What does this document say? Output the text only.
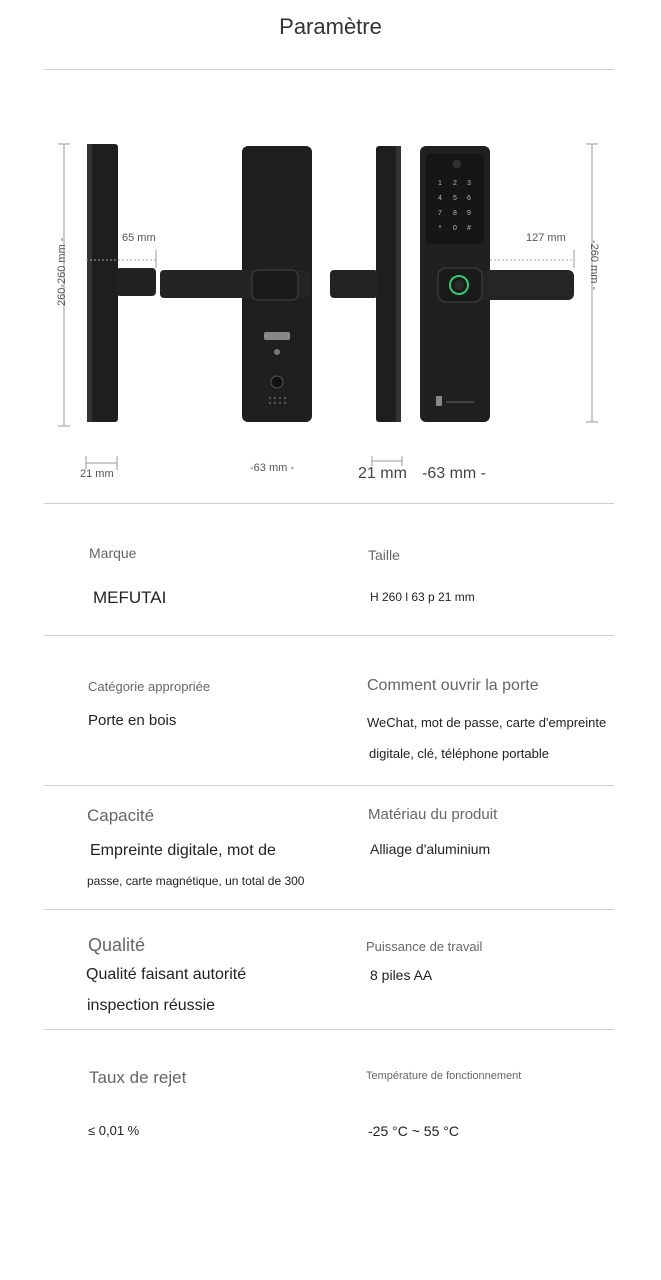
Paramètre
1 2 3
4 5 6
7 8 9
* 0 #
260-260 mm -	65 mm
-63 mm -
21 mm	21 mm -63 mm -
127 mm
-260 mm -
Marque
MEFUTAI
Taille
H 260 l 63 p 21 mm
Catégorie appropriée
Porte en bois
Comment ouvrir la porte
WeChat, mot de passe, carte d'empreinte
digitale, clé, téléphone portable
Capacité
Empreinte digitale, mot de
passe, carte magnétique, un total de 300
Matériau du produit
Alliage d'aluminium
Qualité
Qualité faisant autorité
inspection réussie
Puissance de travail
8 piles AA
Taux de rejet
≤ 0,01 %
Température de fonctionnement
-25 °C ~ 55 °C
